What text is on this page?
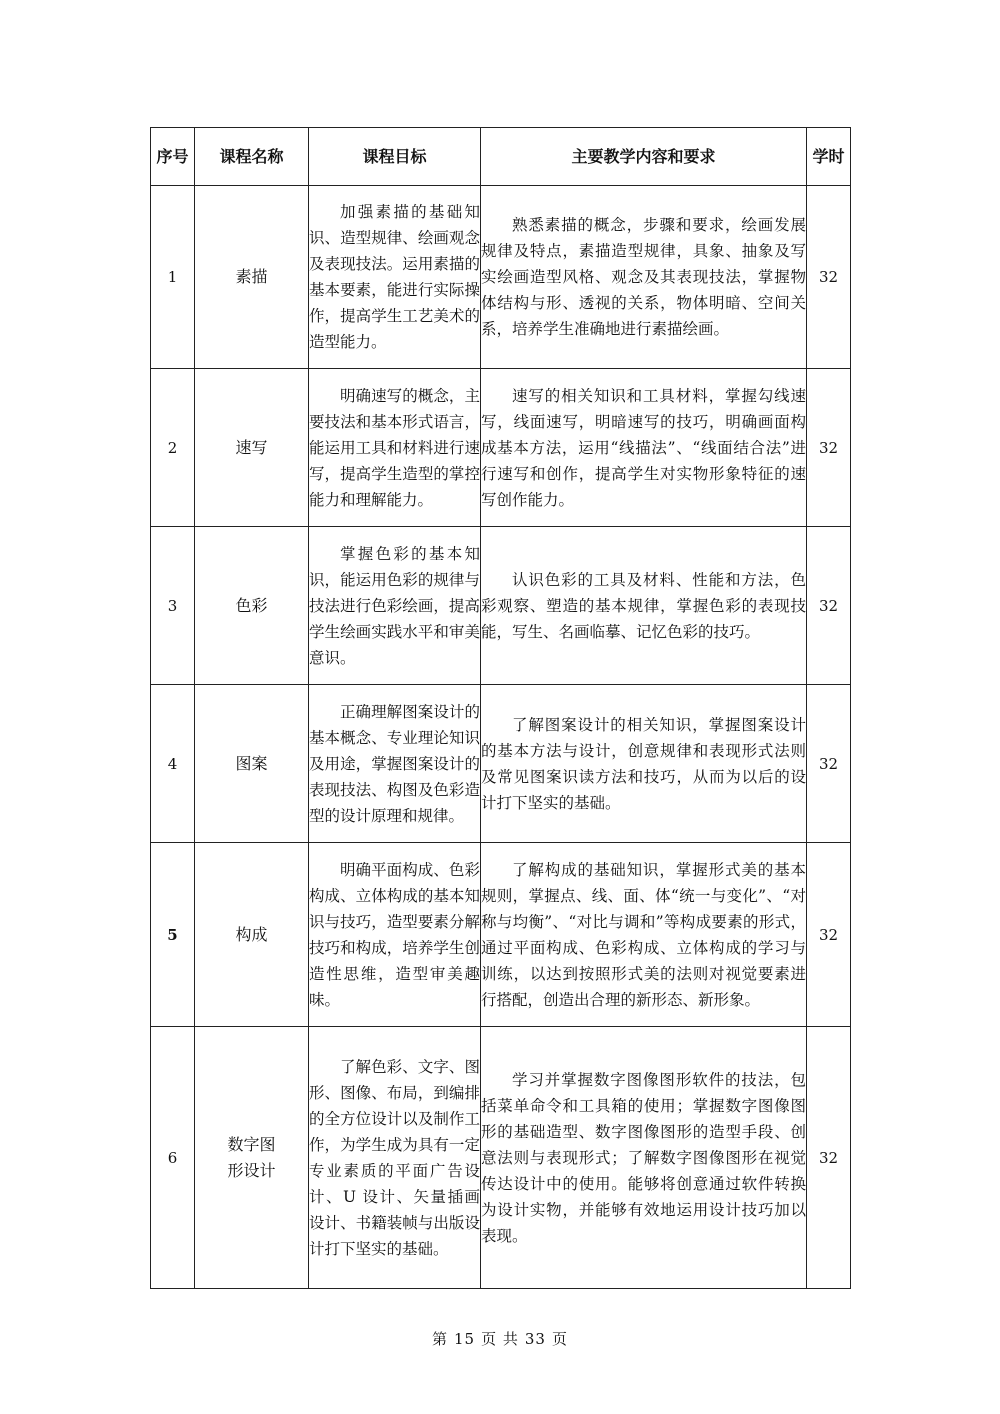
序号	课程名称	课程目标	主要教学内容和要求	学时
1	素描	加强素描的基础知识、造型规律、绘画观念及表现技法。运用素描的基本要素，能进行实际操作，提高学生工艺美术的造型能力。	熟悉素描的概念，步骤和要求，绘画发展规律及特点，素描造型规律，具象、抽象及写实绘画造型风格、观念及其表现技法，掌握物体结构与形、透视的关系，物体明暗、空间关系，培养学生准确地进行素描绘画。	32
2	速写	明确速写的概念，主要技法和基本形式语言，能运用工具和材料进行速写，提高学生造型的掌控能力和理解能力。	速写的相关知识和工具材料，掌握勾线速写，线面速写，明暗速写的技巧，明确画面构成基本方法，运用“线描法”、“线面结合法”进行速写和创作，提高学生对实物形象特征的速写创作能力。	32
3	色彩	掌握色彩的基本知识，能运用色彩的规律与技法进行色彩绘画，提高学生绘画实践水平和审美意识。	认识色彩的工具及材料、性能和方法，色彩观察、塑造的基本规律，掌握色彩的表现技能，写生、名画临摹、记忆色彩的技巧。	32
4	图案	正确理解图案设计的基本概念、专业理论知识及用途，掌握图案设计的表现技法、构图及色彩造型的设计原理和规律。	了解图案设计的相关知识，掌握图案设计的基本方法与设计，创意规律和表现形式法则及常见图案识读方法和技巧，从而为以后的设计打下坚实的基础。	32
5	构成	明确平面构成、色彩构成、立体构成的基本知识与技巧，造型要素分解技巧和构成，培养学生创造性思维，造型审美趣味。	了解构成的基础知识，掌握形式美的基本规则，掌握点、线、面、体“统一与变化”、“对称与均衡”、“对比与调和”等构成要素的形式，通过平面构成、色彩构成、立体构成的学习与训练，以达到按照形式美的法则对视觉要素进行搭配，创造出合理的新形态、新形象。	32
6	数字图形设计	了解色彩、文字、图形、图像、布局，到编排的全方位设计以及制作工作，为学生成为具有一定专业素质的平面广告设计、U 设计、矢量插画设计、书籍装帧与出版设计打下坚实的基础。	学习并掌握数字图像图形软件的技法，包括菜单命令和工具箱的使用；掌握数字图像图形的基础造型、数字图像图形的造型手段、创意法则与表现形式；了解数字图像图形在视觉传达设计中的使用。能够将创意通过软件转换为设计实物，并能够有效地运用设计技巧加以表现。	32
第 15 页 共 33 页
